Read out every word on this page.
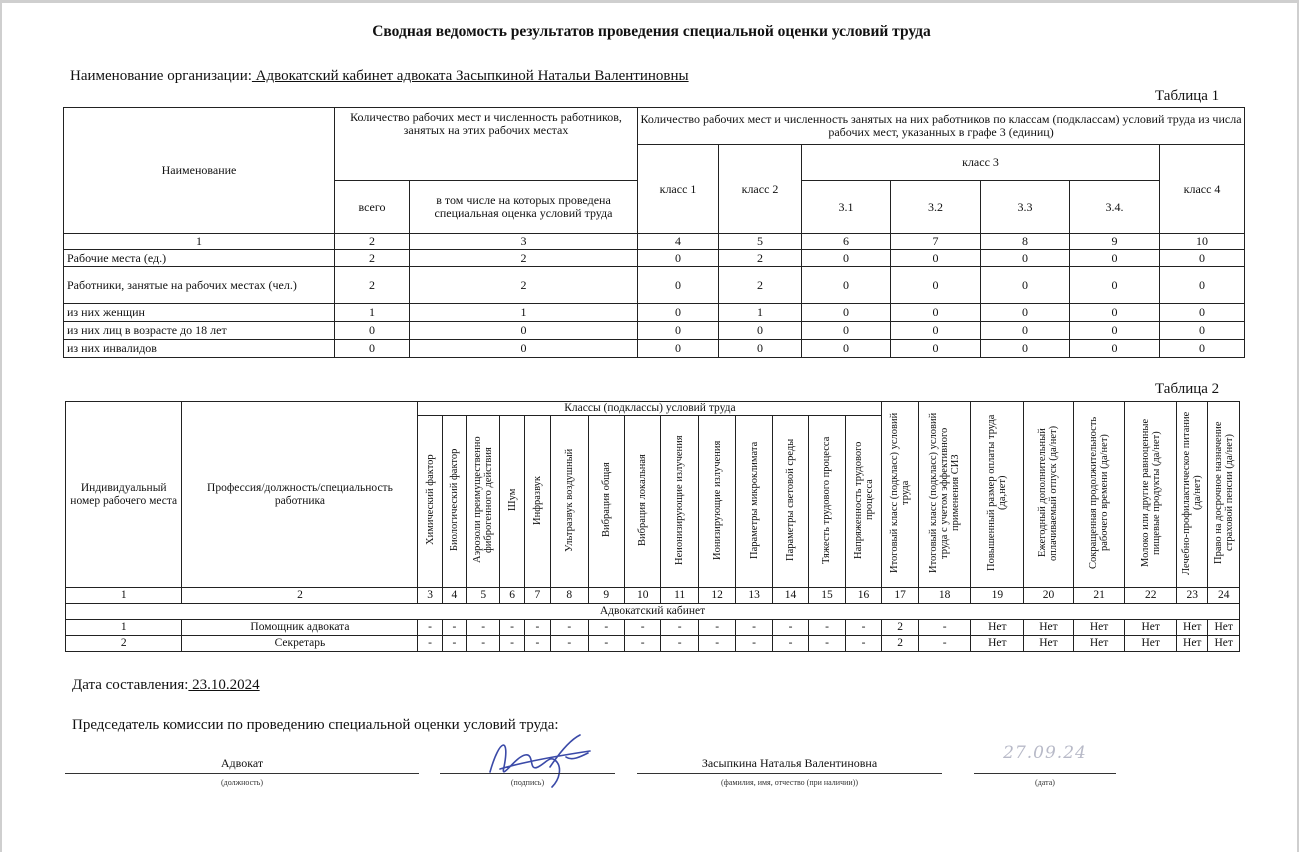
Сводная ведомость результатов проведения специальной оценки условий труда
Наименование организации: Адвокатский кабинет адвоката Засыпкиной Натальи Валентиновны
Таблица 1
Наименование	Количество рабочих мест и численность работников, занятых на этих рабочих местах		Количество рабочих мест и численность занятых на них работников по классам (подклассам) условий труда из числа рабочих мест, указанных в графе 3 (единиц)						
			класс 1	класс 2	класс 3				класс 4
	всего	в том числе на которых проведена специальная оценка условий труда			3.1	3.2	3.3	3.4.	
1	2	3	4	5	6	7	8	9	10
Рабочие места (ед.)	2	2	0	2	0	0	0	0	0
Работники, занятые на рабочих местах (чел.)	2	2	0	2	0	0	0	0	0
из них женщин	1	1	0	1	0	0	0	0	0
из них лиц в возрасте до 18 лет	0	0	0	0	0	0	0	0	0
из них инвалидов	0	0	0	0	0	0	0	0	0
Таблица 2
Индивидуальный номер рабочего места	Профессия/должность/специальность работника	Классы (подклассы) условий труда														Итоговый класс (подкласс) условий труда	Итоговый класс (подкласс) условий труда с учетом эффективного применения СИЗ	Повышенный размер оплаты труда (да,нет)	Ежегодный дополнительный оплачиваемый отпуск (да/нет)	Сокращенная продолжительность рабочего времени (да/нет)	Молоко или другие равноценные пищевые продукты (да/нет)	Лечебно-профилактическое питание (да/нет)	Право на досрочное назначение страховой пенсии (да/нет)
		Химический фактор	Биологический фактор	Аэрозоли преимущественно фиброгенного действия	Шум	Инфразвук	Ультразвук воздушный	Вибрация общая	Вибрация локальная	Неионизирующие излучения	Ионизирующие излучения	Параметры микроклимата	Параметры световой среды	Тяжесть трудового процесса	Напряженность трудового процесса								
1	2	3	4	5	6	7	8	9	10	11	12	13	14	15	16	17	18	19	20	21	22	23	24
Адвокатский кабинет																							
1	Помощник адвоката	-	-	-	-	-	-	-	-	-	-	-	-	-	-	2	-	Нет	Нет	Нет	Нет	Нет	Нет
2	Секретарь	-	-	-	-	-	-	-	-	-	-	-	-	-	-	2	-	Нет	Нет	Нет	Нет	Нет	Нет
Дата составления: 23.10.2024
Председатель комиссии по проведению специальной оценки условий труда:
Адвокат
(должность)	(подпись)
Засыпкина Наталья Валентиновна
(фамилия, имя, отчество (при наличии))
27.09.24
(дата)
